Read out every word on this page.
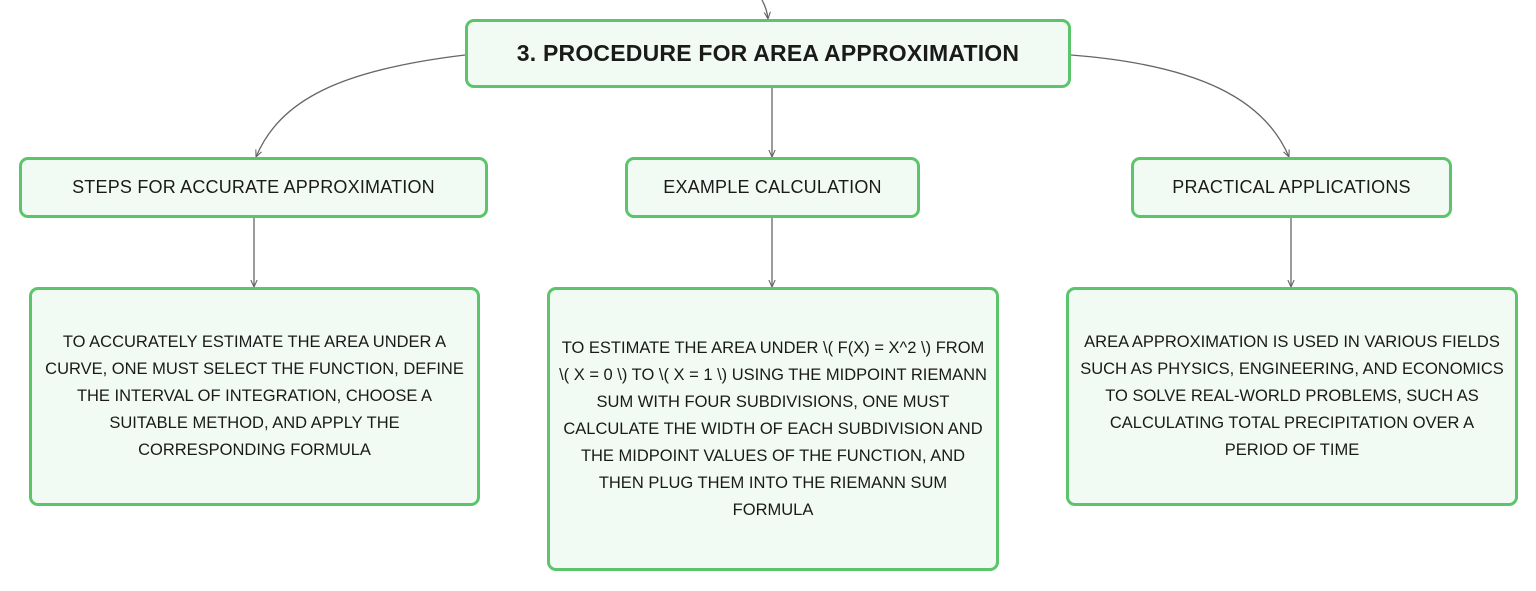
3. PROCEDURE FOR AREA APPROXIMATION
STEPS FOR ACCURATE APPROXIMATION	EXAMPLE CALCULATION	PRACTICAL APPLICATIONS
TO ACCURATELY ESTIMATE THE AREA UNDER A CURVE, ONE MUST SELECT THE FUNCTION, DEFINE THE INTERVAL OF INTEGRATION, CHOOSE A SUITABLE METHOD, AND APPLY THE CORRESPONDING FORMULA
TO ESTIMATE THE AREA UNDER \( F(X) = X^2 \) FROM \( X = 0 \) TO \( X = 1 \) USING THE MIDPOINT RIEMANN SUM WITH FOUR SUBDIVISIONS, ONE MUST CALCULATE THE WIDTH OF EACH SUBDIVISION AND THE MIDPOINT VALUES OF THE FUNCTION, AND THEN PLUG THEM INTO THE RIEMANN SUM FORMULA
AREA APPROXIMATION IS USED IN VARIOUS FIELDS SUCH AS PHYSICS, ENGINEERING, AND ECONOMICS TO SOLVE REAL-WORLD PROBLEMS, SUCH AS CALCULATING TOTAL PRECIPITATION OVER A PERIOD OF TIME
